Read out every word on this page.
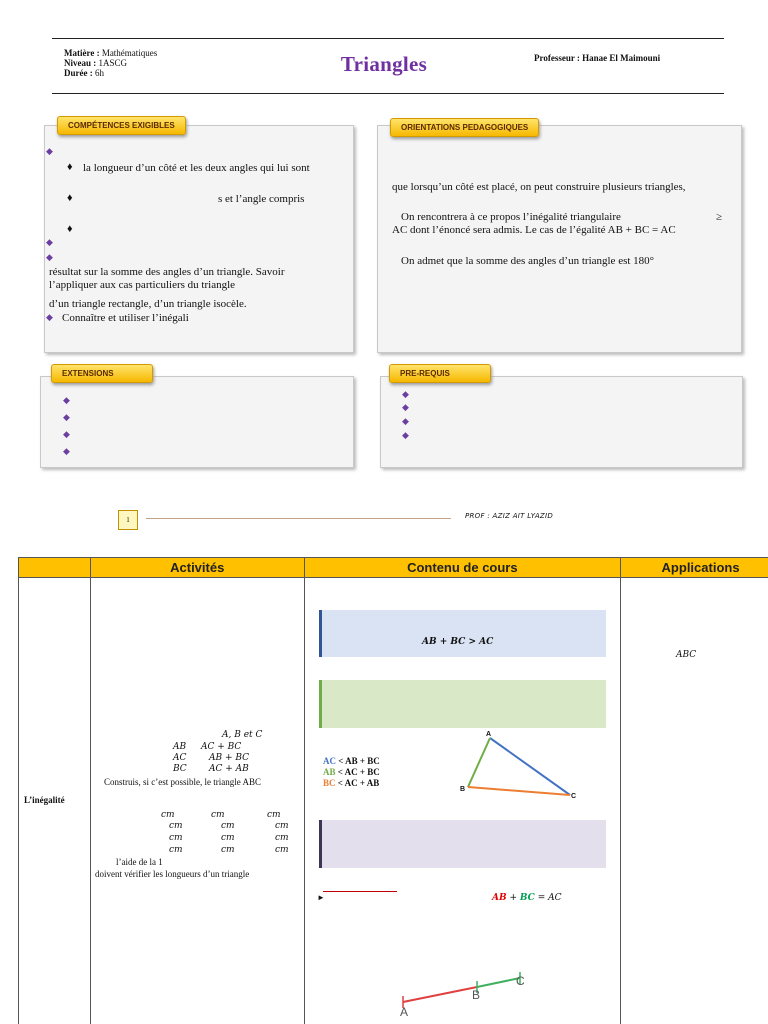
Matière : Mathématiques
Niveau : 1ASCG
Durée : 6h	Triangles	Professeur : Hanae El Maimouni
COMPÉTENCES EXIGIBLES
◆
♦ la longueur d’un côté et les deux angles qui lui sont
♦	s et l’angle compris
♦
◆
◆
résultat sur la somme des angles d’un triangle. Savoir
l’appliquer aux cas particuliers du triangle
d’un triangle rectangle, d’un triangle isocèle.
◆ Connaître et utiliser l’inégali
ORIENTATIONS PEDAGOGIQUES
que lorsqu’un côté est placé, on peut construire plusieurs triangles,
On rencontrera à ce propos l’inégalité triangulaire	≥
AC dont l’énoncé sera admis. Le cas de l’égalité AB + BC = AC
On admet que la somme des angles d’un triangle est 180°
EXTENSIONS
◆
◆
◆
◆
PRE-REQUIS
◆
◆
◆
◆
1	PROF : AZIZ AIT LYAZID
	Activités	Contenu de cours	Applications

L’inégalité
A, B et C
AB AC + BC
AC	AB + BC
BC AC + AB
Construis, si c’est possible, le triangle ABC
cm	cm	cm
cm	cm	cm
cm	cm	cm
cm	cm	cm
l’aide de la 1
doivent vérifier les longueurs d’un triangle
AB + BC > AC
AC < AB + BC
AB < AC + BC
BC < AC + AB
A
B
C
►	AB + BC = AC
A
B
C
ABC
